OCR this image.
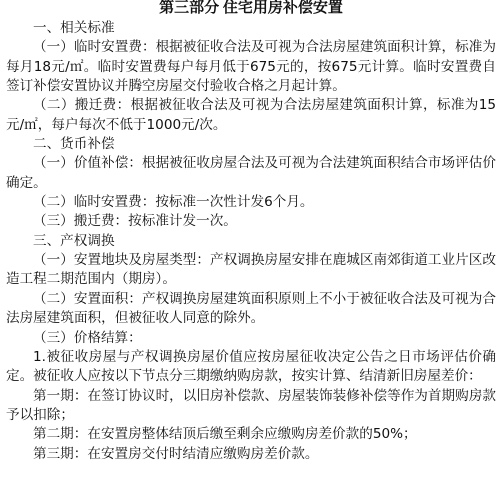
第三部分 住宅用房补偿安置
一、相关标准
（一）临时安置费：根据被征收合法及可视为合法房屋建筑面积计算，标准为每月18元/㎡。临时安置费每户每月低于675元的，按675元计算。临时安置费自签订补偿安置协议并腾空房屋交付验收合格之月起计算。
（二）搬迁费：根据被征收合法及可视为合法房屋建筑面积计算，标准为15元/㎡，每户每次不低于1000元/次。
二、货币补偿
（一）价值补偿：根据被征收房屋合法及可视为合法建筑面积结合市场评估价确定。
（二）临时安置费：按标准一次性计发6个月。
（三）搬迁费：按标准计发一次。
三、产权调换
（一）安置地块及房屋类型：产权调换房屋安排在鹿城区南郊街道工业片区改造工程二期范围内（期房）。
（二）安置面积：产权调换房屋建筑面积原则上不小于被征收合法及可视为合法房屋建筑面积，但被征收人同意的除外。
（三）价格结算：
1.被征收房屋与产权调换房屋价值应按房屋征收决定公告之日市场评估价确定。被征收人应按以下节点分三期缴纳购房款，按实计算、结清新旧房屋差价：
第一期：在签订协议时，以旧房补偿款、房屋装饰装修补偿等作为首期购房款予以扣除；
第二期：在安置房整体结顶后缴至剩余应缴购房差价款的50%；
第三期：在安置房交付时结清应缴购房差价款。
